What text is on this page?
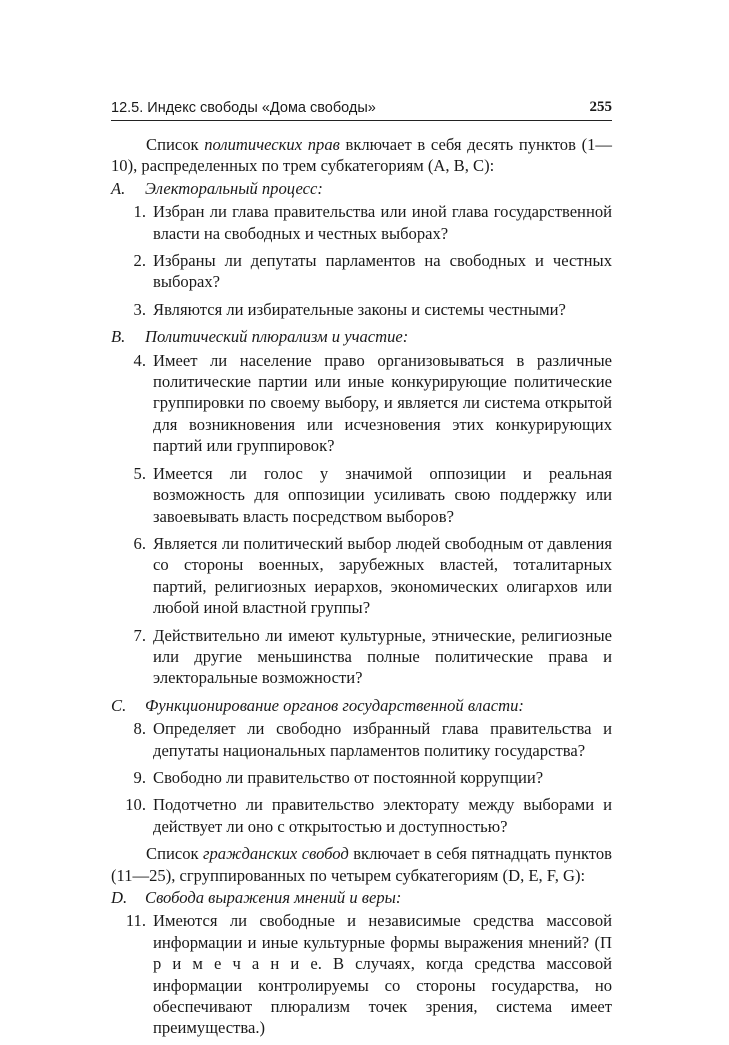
12.5. Индекс свободы «Дома свободы»	255

Список политических прав включает в себя десять пунктов (1—10), распределенных по трем субкатегориям (А, В, С):

A.	Электоральный процесс:
1. Избран ли глава правительства или иной глава государственной власти на свободных и честных выборах?
2. Избраны ли депутаты парламентов на свободных и честных выборах?
3. Являются ли избирательные законы и системы честными?
B.	Политический плюрализм и участие:
4. Имеет ли население право организовываться в различные политические партии или иные конкурирующие политические группировки по своему выбору, и является ли система открытой для возникновения или исчезновения этих конкурирующих партий или группировок?
5. Имеется ли голос у значимой оппозиции и реальная возможность для оппозиции усиливать свою поддержку или завоевывать власть посредством выборов?
6. Является ли политический выбор людей свободным от давления со стороны военных, зарубежных властей, тоталитарных партий, религиозных иерархов, экономических олигархов или любой иной властной группы?
7. Действительно ли имеют культурные, этнические, религиозные или другие меньшинства полные политические права и электоральные возможности?
C.	Функционирование органов государственной власти:
8. Определяет ли свободно избранный глава правительства и депутаты национальных парламентов политику государства?
9. Свободно ли правительство от постоянной коррупции?
10. Подотчетно ли правительство электорату между выборами и действует ли оно с открытостью и доступностью?

Список гражданских свобод включает в себя пятнадцать пунктов (11—25), сгруппированных по четырем субкатегориям (D, E, F, G):

D.	Свобода выражения мнений и веры:
11. Имеются ли свободные и независимые средства массовой информации и иные культурные формы выражения мнений? (П р и м е ч а н и е. В случаях, когда средства массовой информации контролируемы со стороны государства, но обеспечивают плюрализм точек зрения, система имеет преимущества.)
